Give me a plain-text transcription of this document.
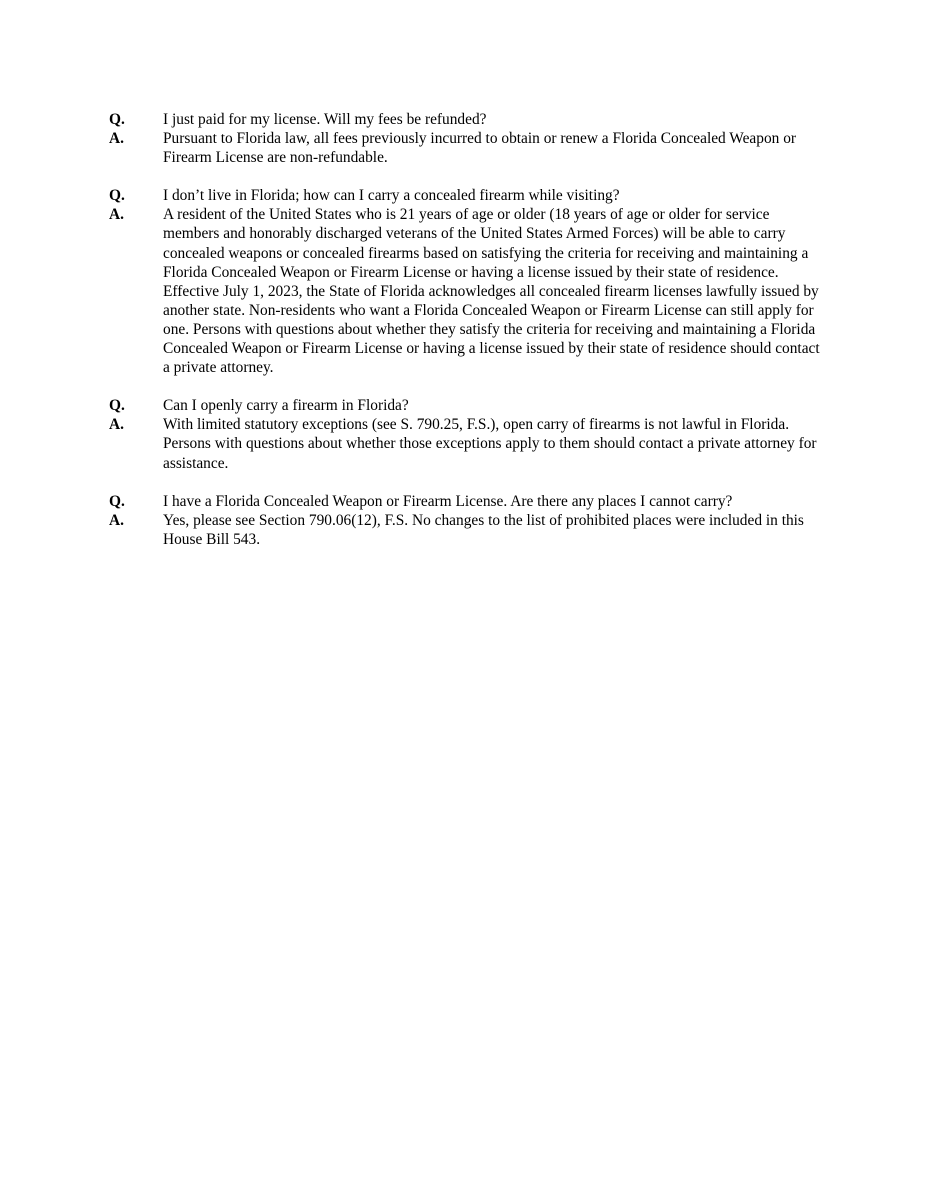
Q.	I just paid for my license. Will my fees be refunded?
A.	Pursuant to Florida law, all fees previously incurred to obtain or renew a Florida Concealed Weapon or Firearm License are non-refundable.
Q.	I don’t live in Florida; how can I carry a concealed firearm while visiting?
A.	A resident of the United States who is 21 years of age or older (18 years of age or older for service members and honorably discharged veterans of the United States Armed Forces) will be able to carry concealed weapons or concealed firearms based on satisfying the criteria for receiving and maintaining a Florida Concealed Weapon or Firearm License or having a license issued by their state of residence. Effective July 1, 2023, the State of Florida acknowledges all concealed firearm licenses lawfully issued by another state. Non-residents who want a Florida Concealed Weapon or Firearm License can still apply for one. Persons with questions about whether they satisfy the criteria for receiving and maintaining a Florida Concealed Weapon or Firearm License or having a license issued by their state of residence should contact a private attorney.
Q.	Can I openly carry a firearm in Florida?
A.	With limited statutory exceptions (see S. 790.25, F.S.), open carry of firearms is not lawful in Florida. Persons with questions about whether those exceptions apply to them should contact a private attorney for assistance.
Q.	I have a Florida Concealed Weapon or Firearm License. Are there any places I cannot carry?
A.	Yes, please see Section 790.06(12), F.S. No changes to the list of prohibited places were included in this House Bill 543.
